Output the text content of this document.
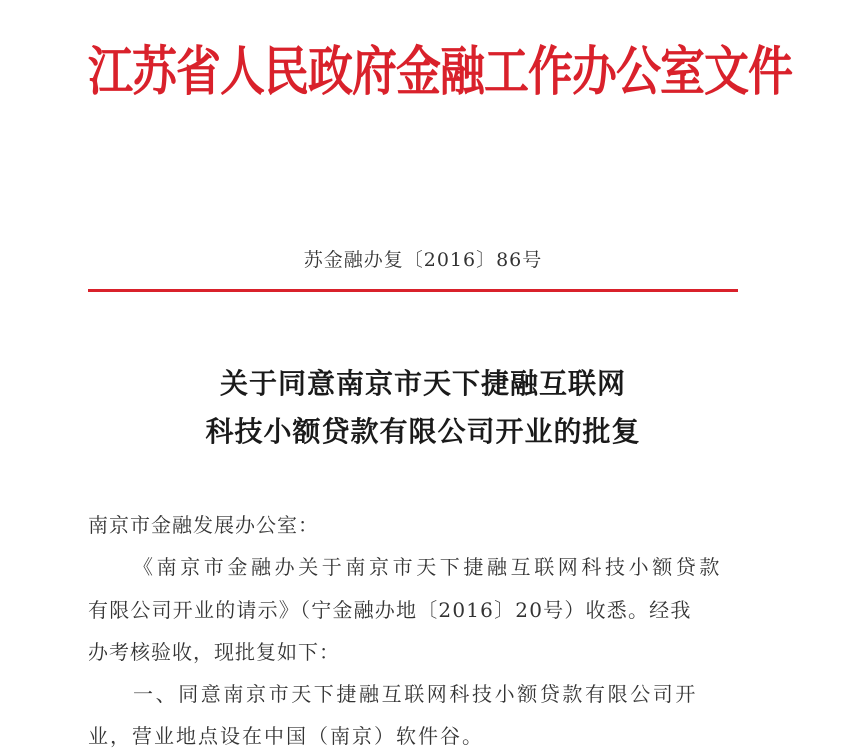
江苏省人民政府金融工作办公室文件
苏金融办复〔2016〕86号
关于同意南京市天下捷融互联网
科技小额贷款有限公司开业的批复
南京市金融发展办公室：
《南京市金融办关于南京市天下捷融互联网科技小额贷款
有限公司开业的请示》（宁金融办地〔2016〕20号）收悉。经我
办考核验收，现批复如下：
一、同意南京市天下捷融互联网科技小额贷款有限公司开
业，营业地点设在中国（南京）软件谷。
